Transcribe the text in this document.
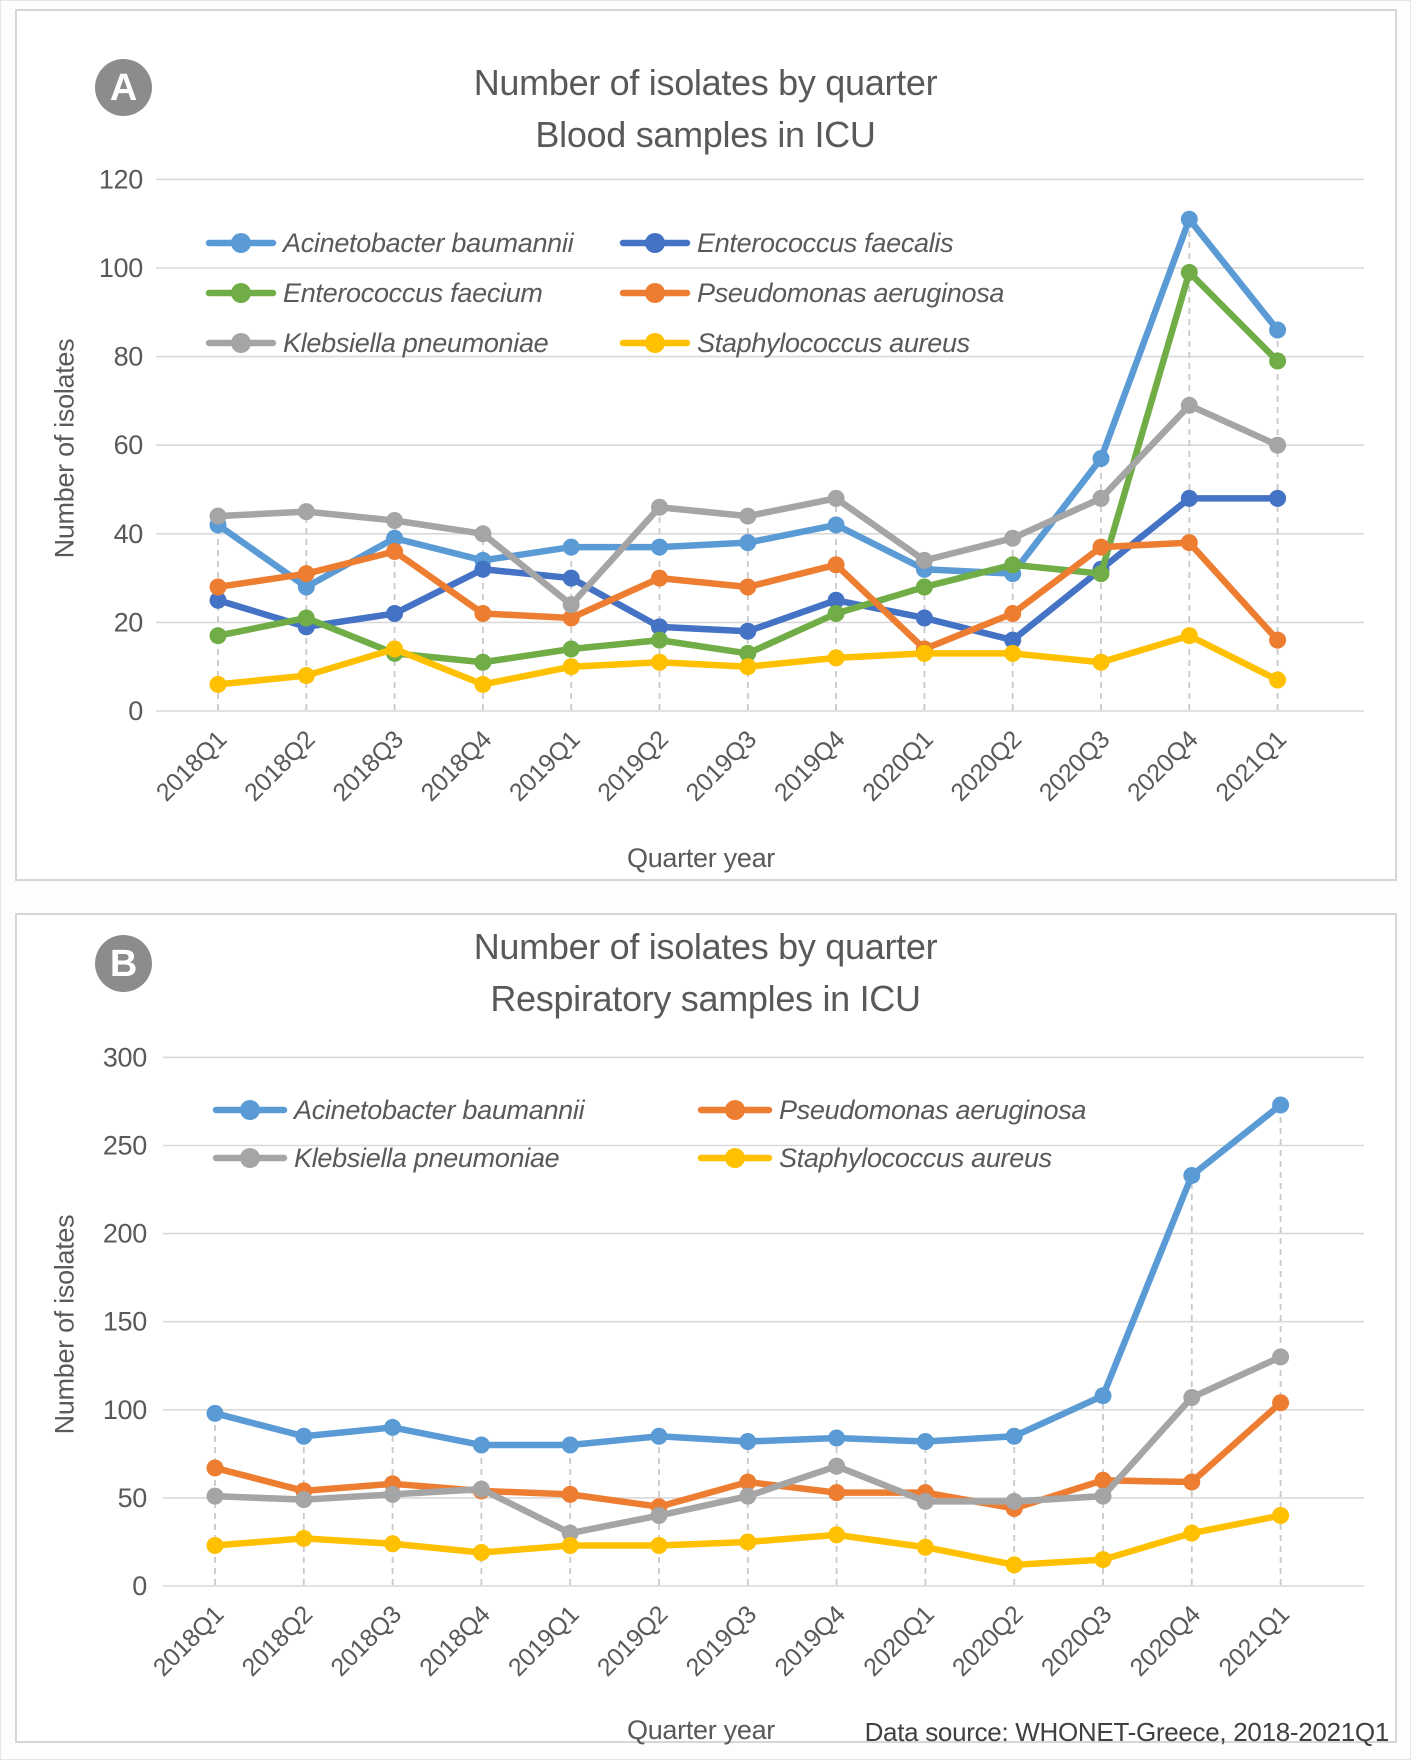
A
B
Number of isolates by quarter
Blood samples in ICU
Number of isolates by quarter
Respiratory samples in ICU
Number of isolates
Number of isolates
Quarter year
Quarter year	Data source: WHONET-Greece, 2018-2021Q1
0
20
40
60
80
100
120
2018Q1 2018Q2 2018Q3 2018Q4 2019Q1 2019Q2 2019Q3 2019Q4 2020Q1 2020Q2 2020Q3 2020Q4 2021Q1
Acinetobacter baumannii	Enterococcus faecalis
Enterococcus faecium	Pseudomonas aeruginosa
Klebsiella pneumoniae	Staphylococcus aureus
0
50
100
150
200
250
300
2018Q1 2018Q2 2018Q3 2018Q4 2019Q1 2019Q2 2019Q3 2019Q4 2020Q1 2020Q2 2020Q3 2020Q4 2021Q1
Acinetobacter baumannii	Pseudomonas aeruginosa
Klebsiella pneumoniae	Staphylococcus aureus
